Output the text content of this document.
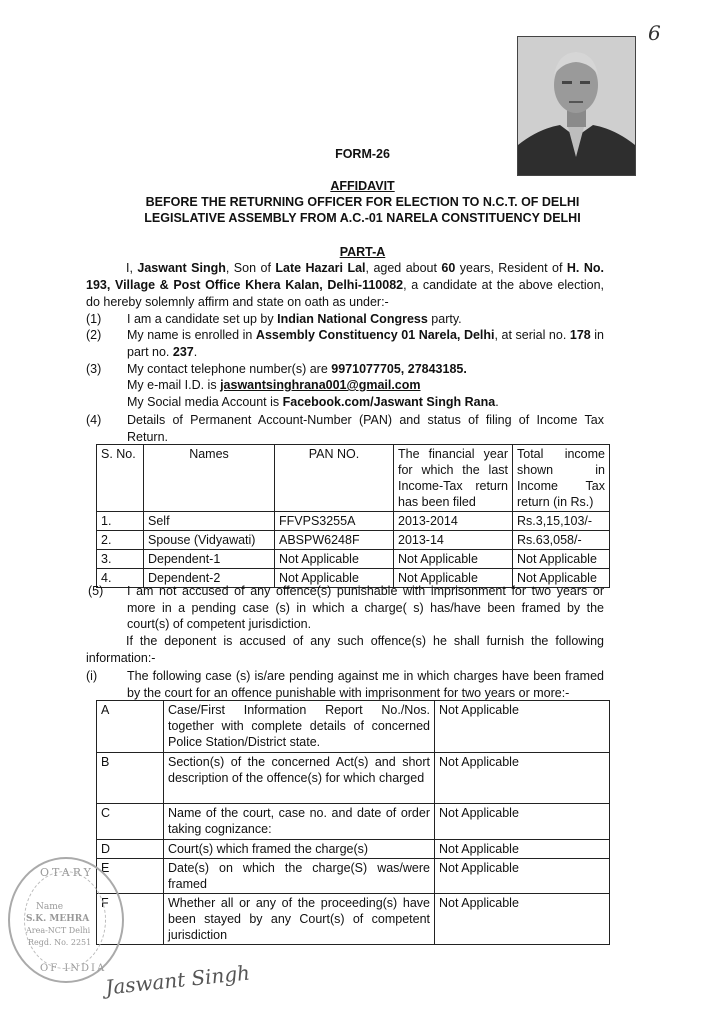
6
FORM-26
AFFIDAVIT
BEFORE THE RETURNING OFFICER FOR ELECTION TO N.C.T. OF DELHI
LEGISLATIVE ASSEMBLY FROM A.C.-01 NARELA CONSTITUENCY DELHI
PART-A
I, Jaswant Singh, Son of Late Hazari Lal, aged about 60 years, Resident of H. No. 193, Village & Post Office Khera Kalan, Delhi-110082, a candidate at the above election, do hereby solemnly affirm and state on oath as under:-
(1) I am a candidate set up by Indian National Congress party.
(2) My name is enrolled in Assembly Constituency 01 Narela, Delhi, at serial no. 178 in part no. 237.
(3) My contact telephone number(s) are 9971077705, 27843185.
My e-mail I.D. is jaswantsinghrana001@gmail.com
My Social media Account is Facebook.com/Jaswant Singh Rana.
(4) Details of Permanent Account-Number (PAN) and status of filing of Income Tax Return.
S. No.	Names	PAN NO.	The financial year for which the last Income-Tax return has been filed	Total income shown in Income Tax return (in Rs.)
1.	Self	FFVPS3255A	2013-2014	Rs.3,15,103/-
2.	Spouse (Vidyawati)	ABSPW6248F	2013-14	Rs.63,058/-
3.	Dependent-1	Not Applicable	Not Applicable	Not Applicable
4.	Dependent-2	Not Applicable	Not Applicable	Not Applicable
(5) I am not accused of any offence(s) punishable with imprisonment for two years or more in a pending case (s) in which a charge( s) has/have been framed by the court(s) of competent jurisdiction.
If the deponent is accused of any such offence(s) he shall furnish the following information:-
(i) The following case (s) is/are pending against me in which charges have been framed by the court for an offence punishable with imprisonment for two years or more:-
A	Case/First Information Report No./Nos. together with complete details of concerned Police Station/District state.	Not Applicable
B	Section(s) of the concerned Act(s) and short description of the offence(s) for which charged	Not Applicable
C	Name of the court, case no. and date of order taking cognizance:	Not Applicable
D	Court(s) which framed the charge(s)	Not Applicable
E	Date(s) on which the charge(S) was/were framed	Not Applicable
F	Whether all or any of the proceeding(s) have been stayed by any Court(s) of competent jurisdiction	Not Applicable
OTARY
Name
S.K. MEHRA
Area-NCT Delhi
Regd. No. 2251
OF INDIA
Jaswant Singh
